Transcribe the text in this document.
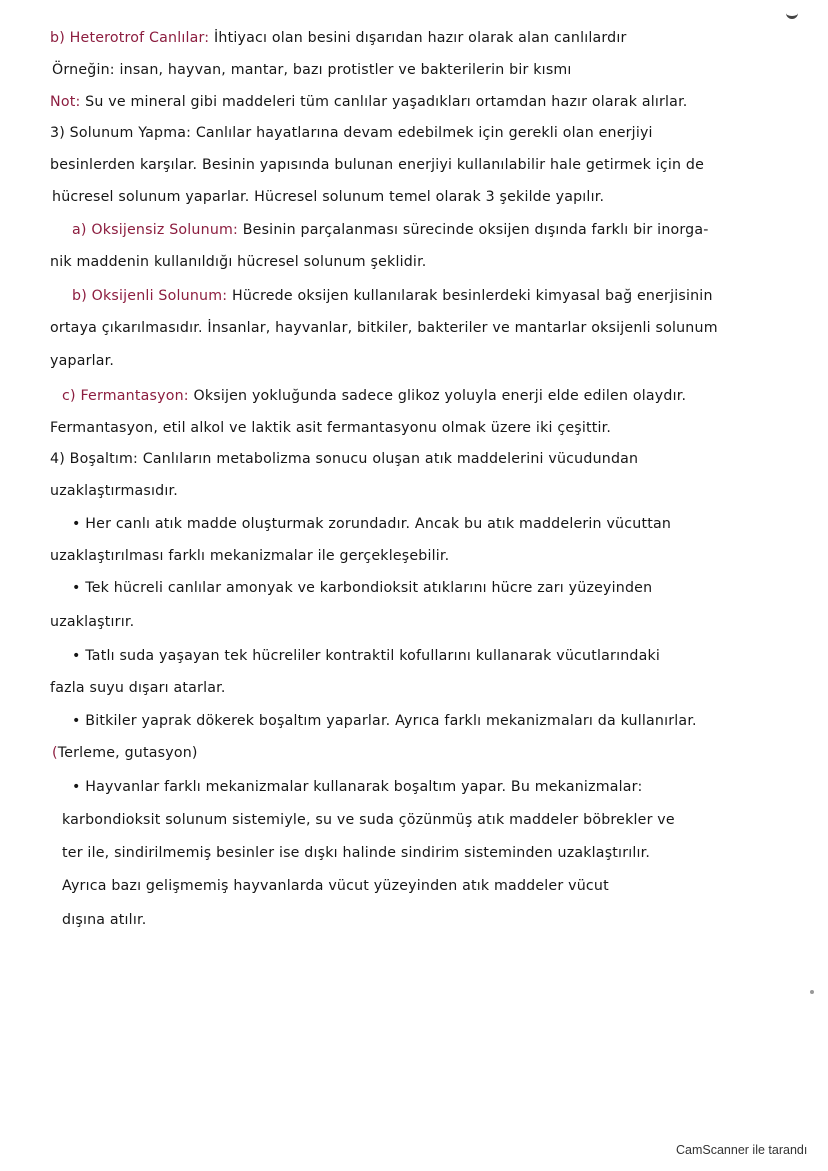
b) Heterotrof Canlılar: İhtiyacı olan besini dışarıdan hazır olarak alan canlılardır
Örneğin: insan, hayvan, mantar, bazı protistler ve bakterilerin bir kısmı
Not: Su ve mineral gibi maddeleri tüm canlılar yaşadıkları ortamdan hazır olarak alırlar.
3) Solunum Yapma: Canlılar hayatlarına devam edebilmek için gerekli olan enerjiyi
besinlerden karşılar. Besinin yapısında bulunan enerjiyi kullanılabilir hale getirmek için de
hücresel solunum yaparlar. Hücresel solunum temel olarak 3 şekilde yapılır.
a) Oksijensiz Solunum: Besinin parçalanması sürecinde oksijen dışında farklı bir inorga-
nik maddenin kullanıldığı hücresel solunum şeklidir.
b) Oksijenli Solunum: Hücrede oksijen kullanılarak besinlerdeki kimyasal bağ enerjisinin
ortaya çıkarılmasıdır. İnsanlar, hayvanlar, bitkiler, bakteriler ve mantarlar oksijenli solunum
yaparlar.
c) Fermantasyon: Oksijen yokluğunda sadece glikoz yoluyla enerji elde edilen olaydır.
Fermantasyon, etil alkol ve laktik asit fermantasyonu olmak üzere iki çeşittir.
4) Boşaltım: Canlıların metabolizma sonucu oluşan atık maddelerini vücudundan
uzaklaştırmasıdır.
• Her canlı atık madde oluşturmak zorundadır. Ancak bu atık maddelerin vücuttan
uzaklaştırılması farklı mekanizmalar ile gerçekleşebilir.
• Tek hücreli canlılar amonyak ve karbondioksit atıklarını hücre zarı yüzeyinden
uzaklaştırır.
• Tatlı suda yaşayan tek hücreliler kontraktil kofullarını kullanarak vücutlarındaki
fazla suyu dışarı atarlar.
• Bitkiler yaprak dökerek boşaltım yaparlar. Ayrıca farklı mekanizmaları da kullanırlar.
(Terleme, gutasyon)
• Hayvanlar farklı mekanizmalar kullanarak boşaltım yapar. Bu mekanizmalar:
karbondioksit solunum sistemiyle, su ve suda çözünmüş atık maddeler böbrekler ve
ter ile, sindirilmemiş besinler ise dışkı halinde sindirim sisteminden uzaklaştırılır.
Ayrıca bazı gelişmemiş hayvanlarda vücut yüzeyinden atık maddeler vücut
dışına atılır.
CamScanner ile tarandı
